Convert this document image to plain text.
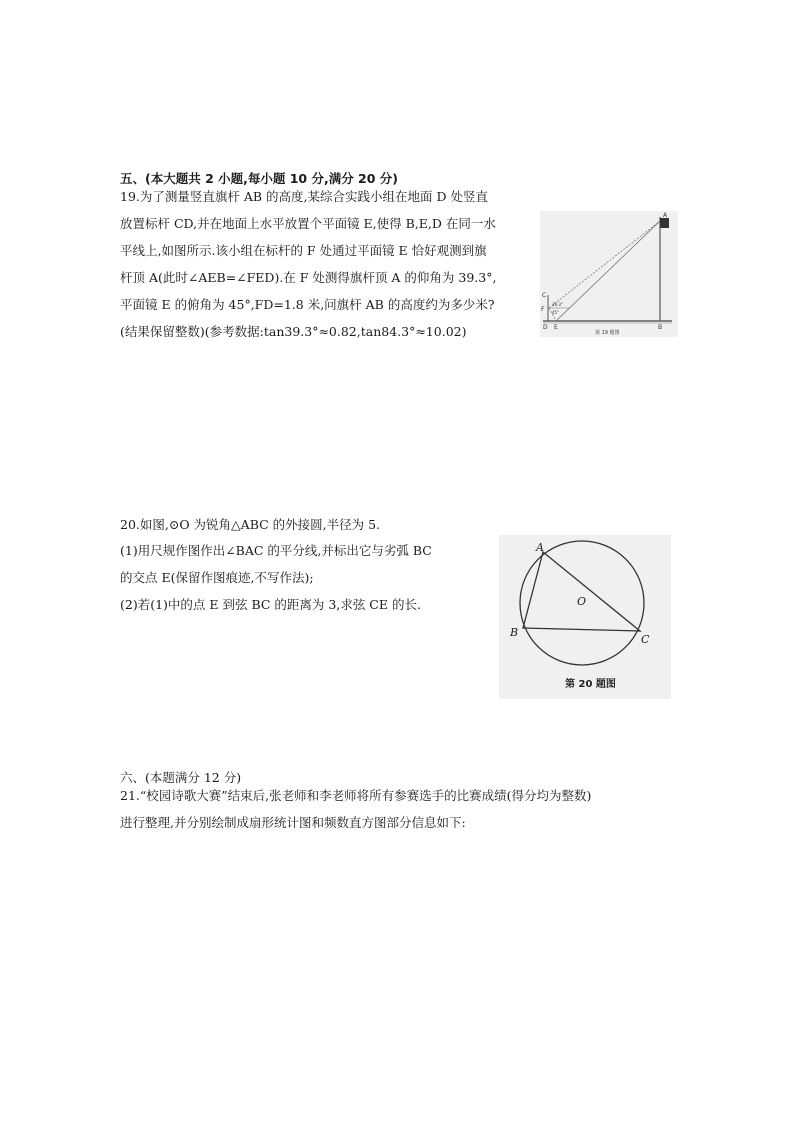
五、(本大题共 2 小题,每小题 10 分,满分 20 分)
19.为了测量竖直旗杆 AB 的高度,某综合实践小组在地面 D 处竖直
放置标杆 CD,并在地面上水平放置个平面镜 E,使得 B,E,D 在同一水
平线上,如图所示.该小组在标杆的 F 处通过平面镜 E 恰好观测到旗
杆顶 A(此时∠AEB=∠FED).在 F 处测得旗杆顶 A 的仰角为 39.3°,
平面镜 E 的俯角为 45°,FD=1.8 米,问旗杆 AB 的高度约为多少米?
(结果保留整数)(参考数据:tan39.3°≈0.82,tan84.3°≈10.02)
C
F
D E	B
A
39.3°
45°
第 19 题图
20.如图,⊙O 为锐角△ABC 的外接圆,半径为 5.
(1)用尺规作图作出∠BAC 的平分线,并标出它与劣弧 BC
的交点 E(保留作图痕迹,不写作法);
(2)若(1)中的点 E 到弦 BC 的距离为 3,求弦 CE 的长.
A
B
C
O
第 20 题图
六、(本题满分 12 分)
21.“校园诗歌大赛”结束后,张老师和李老师将所有参赛选手的比赛成绩(得分均为整数)
进行整理,并分别绘制成扇形统计图和频数直方图部分信息如下:
